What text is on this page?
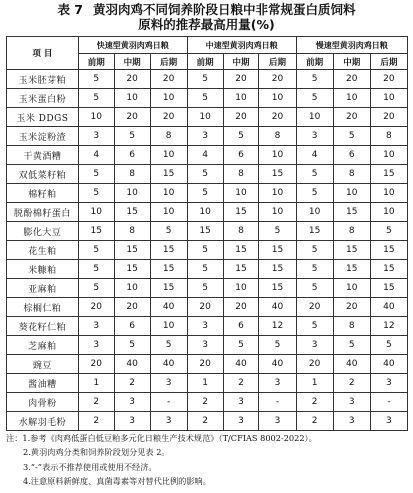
表 7 黄羽肉鸡不同饲养阶段日粮中非常规蛋白质饲料
原料的推荐最高用量(%)
项 目	快速型黄羽肉鸡日粮			中速型黄羽肉鸡日粮			慢速型黄羽肉鸡日粮		
	前期	中期	后期	前期	中期	后期	前期	中期	后期
玉米胚芽粕	5	20	20	5	20	20	5	20	20
玉米蛋白粉	5	10	10	5	10	10	5	10	10
玉米 DDGS	10	20	20	10	20	20	10	20	20
玉米淀粉渣	3	5	8	3	5	8	3	5	8
干黄酒糟	4	6	10	4	6	10	4	6	10
双低菜籽粕	5	8	15	5	8	15	5	8	15
棉籽粕	5	10	10	5	10	10	5	10	10
脱酚棉籽蛋白	10	15	10	10	15	10	10	15	10
膨化大豆	15	8	5	15	8	5	15	8	5
花生粕	5	15	15	5	15	15	5	15	15
米糠粕	5	15	15	5	15	15	5	15	15
亚麻粕	5	10	15	5	10	15	5	10	15
棕榈仁粕	20	20	40	20	20	40	20	20	40
葵花籽仁粕	3	6	10	3	6	12	5	8	12
芝麻粕	3	5	5	3	5	5	3	5	5
豌豆	20	40	40	20	40	40	20	40	40
酱油糟	1	2	3	1	2	3	1	2	3
肉骨粉	2	3	-	2	3	-	2	3	-
水解羽毛粉	2	3	3	2	3	3	2	3	3
注：1.参考《肉鸡低蛋白低豆粕多元化日粮生产技术规范》（T/CFIAS 8002-2022）。
2.黄羽肉鸡分类和饲养阶段划分见表 2。
3.“-”表示不推荐使用或使用不经济。
4.注意原料新鲜度、真菌毒素等对替代比例的影响。
